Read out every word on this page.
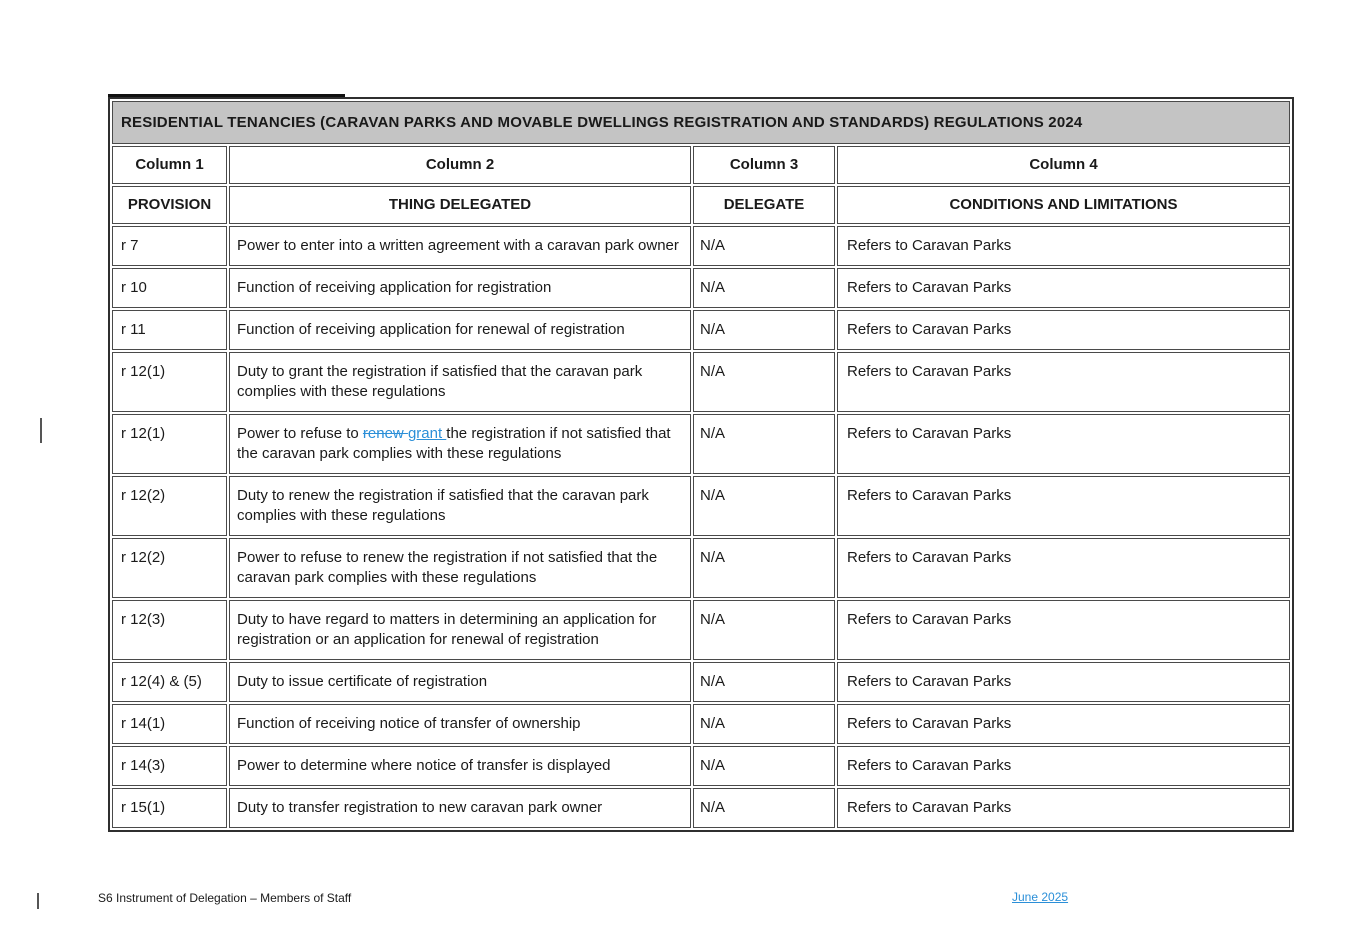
RESIDENTIAL TENANCIES (CARAVAN PARKS AND MOVABLE DWELLINGS REGISTRATION AND STANDARDS) REGULATIONS 2024			
Column 1	Column 2	Column 3	Column 4
PROVISION	THING DELEGATED	DELEGATE	CONDITIONS AND LIMITATIONS
r 7	Power to enter into a written agreement with a caravan park owner	N/A	Refers to Caravan Parks
r 10	Function of receiving application for registration	N/A	Refers to Caravan Parks
r 11	Function of receiving application for renewal of registration	N/A	Refers to Caravan Parks
r 12(1)	Duty to grant the registration if satisfied that the caravan park complies with these regulations	N/A	Refers to Caravan Parks
r 12(1)	Power to refuse to renew grant the registration if not satisfied that the caravan park complies with these regulations	N/A	Refers to Caravan Parks
r 12(2)	Duty to renew the registration if satisfied that the caravan park complies with these regulations	N/A	Refers to Caravan Parks
r 12(2)	Power to refuse to renew the registration if not satisfied that the caravan park complies with these regulations	N/A	Refers to Caravan Parks
r 12(3)	Duty to have regard to matters in determining an application for registration or an application for renewal of registration	N/A	Refers to Caravan Parks
r 12(4) & (5)	Duty to issue certificate of registration	N/A	Refers to Caravan Parks
r 14(1)	Function of receiving notice of transfer of ownership	N/A	Refers to Caravan Parks
r 14(3)	Power to determine where notice of transfer is displayed	N/A	Refers to Caravan Parks
r 15(1)	Duty to transfer registration to new caravan park owner	N/A	Refers to Caravan Parks
S6 Instrument of Delegation – Members of Staff	June 2025
